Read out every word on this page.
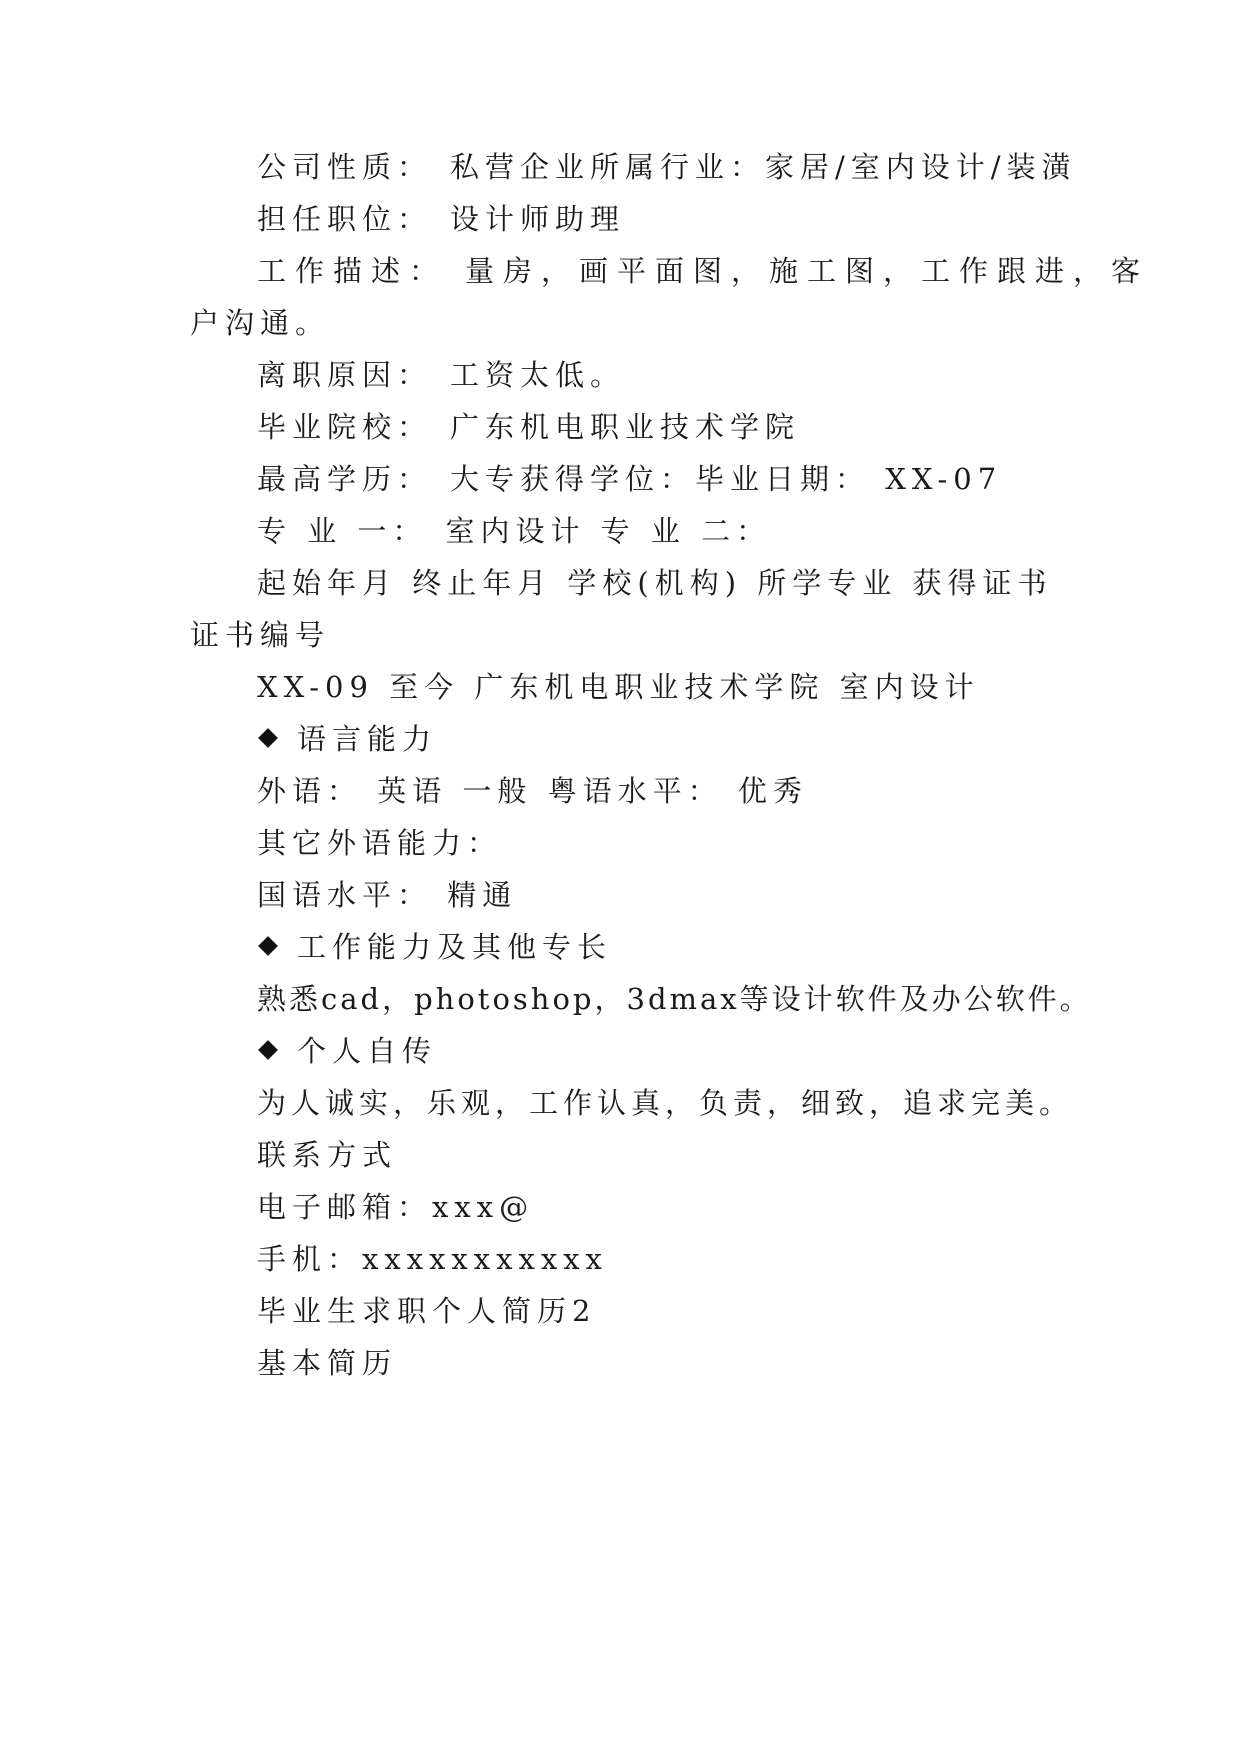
公司性质： 私营企业所属行业：家居/室内设计/装潢
担任职位： 设计师助理
工作描述： 量房，画平面图，施工图，工作跟进，客
户沟通。
离职原因： 工资太低。
毕业院校： 广东机电职业技术学院
最高学历： 大专获得学位：毕业日期： XX-07
专 业 一： 室内设计 专 业 二：
起始年月 终止年月 学校(机构) 所学专业 获得证书
证书编号
XX-09 至今 广东机电职业技术学院 室内设计
语言能力
外语： 英语 一般 粤语水平： 优秀
其它外语能力：
国语水平： 精通
工作能力及其他专长
熟悉cad，photoshop，3dmax等设计软件及办公软件。
个人自传
为人诚实，乐观，工作认真，负责，细致，追求完美。
联系方式
电子邮箱：xxx@
手机：xxxxxxxxxxx
毕业生求职个人简历2
基本简历
